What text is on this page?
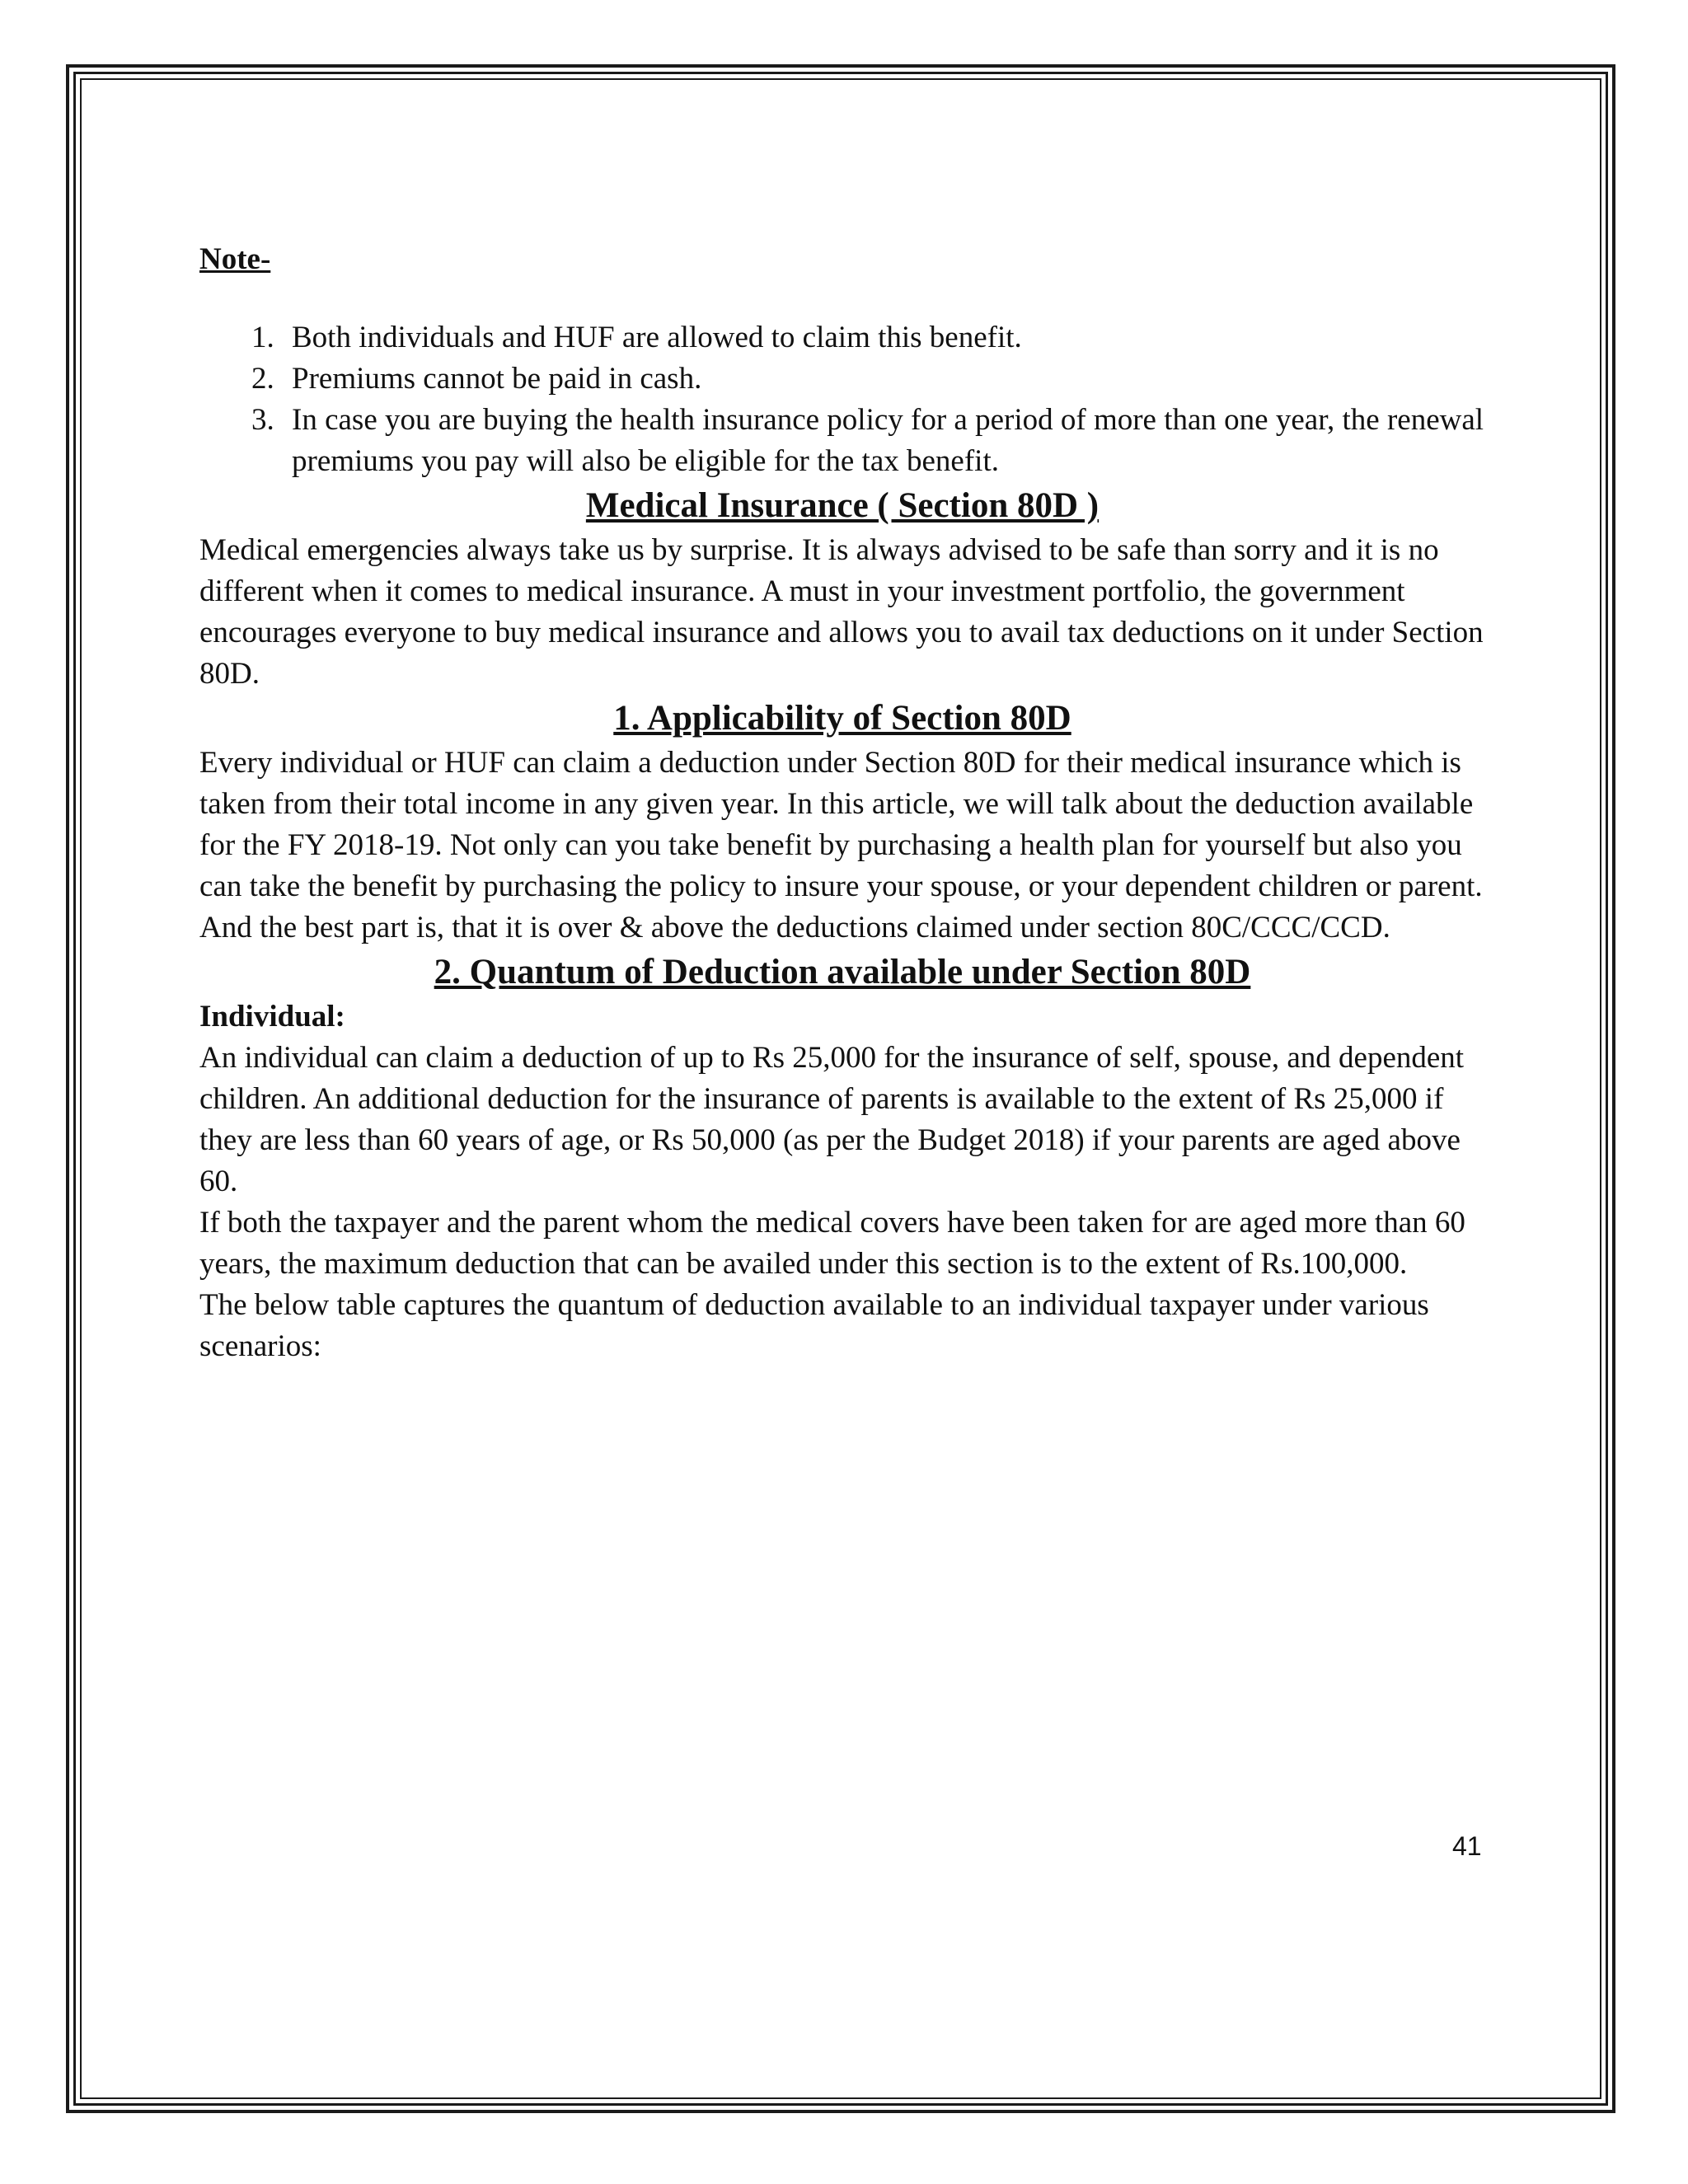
Note-

1. Both individuals and HUF are allowed to claim this benefit.
2. Premiums cannot be paid in cash.
3. In case you are buying the health insurance policy for a period of more than one year, the renewal premiums you pay will also be eligible for the tax benefit.
Medical Insurance ( Section 80D )

Medical emergencies always take us by surprise. It is always advised to be safe than sorry and it is no different when it comes to medical insurance. A must in your investment portfolio, the government encourages everyone to buy medical insurance and allows you to avail tax deductions on it under Section 80D.

1. Applicability of Section 80D

Every individual or HUF can claim a deduction under Section 80D for their medical insurance which is taken from their total income in any given year. In this article, we will talk about the deduction available for the FY 2018-19. Not only can you take benefit by purchasing a health plan for yourself but also you can take the benefit by purchasing the policy to insure your spouse, or your dependent children or parent. And the best part is, that it is over & above the deductions claimed under section 80C/CCC/CCD.

2. Quantum of Deduction available under Section 80D

Individual:

An individual can claim a deduction of up to Rs 25,000 for the insurance of self, spouse, and dependent children. An additional deduction for the insurance of parents is available to the extent of Rs 25,000 if they are less than 60 years of age, or Rs 50,000 (as per the Budget 2018) if your parents are aged above 60.

If both the taxpayer and the parent whom the medical covers have been taken for are aged more than 60 years, the maximum deduction that can be availed under this section is to the extent of Rs.100,000.

The below table captures the quantum of deduction available to an individual taxpayer under various scenarios:

41
